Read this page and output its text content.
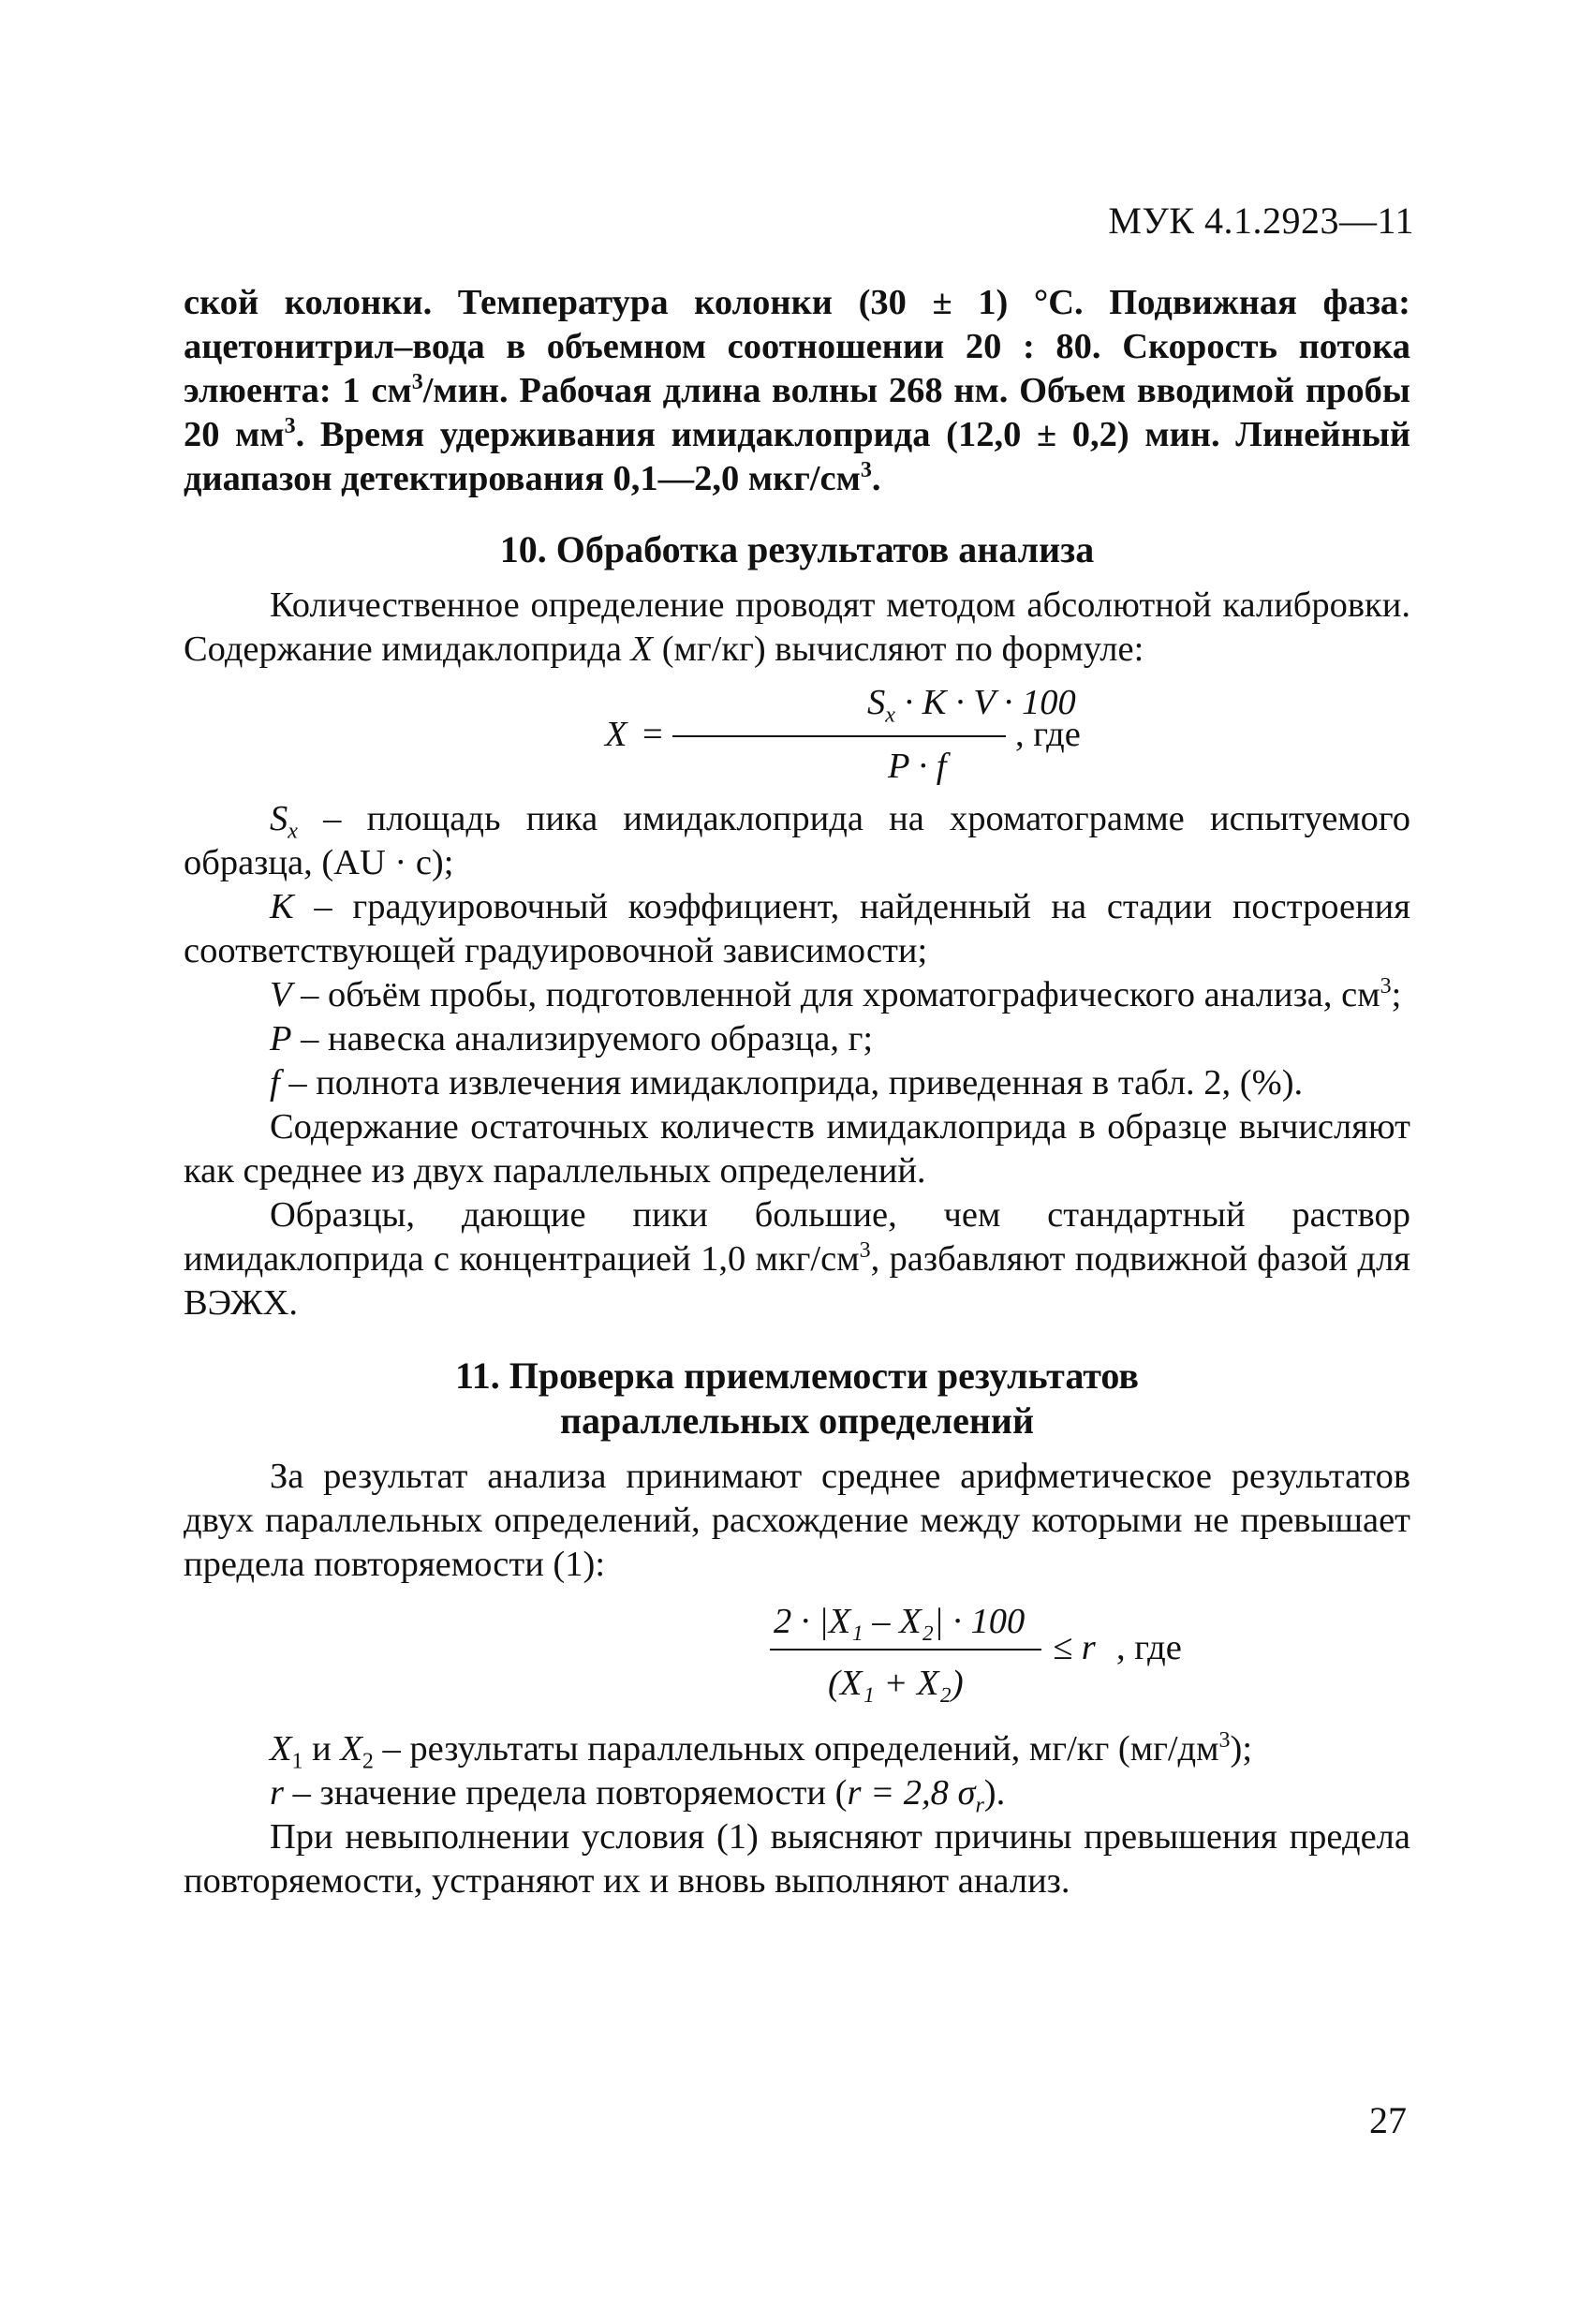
МУК 4.1.2923—11

ской колонки. Температура колонки (30 ± 1) °С. Подвижная фаза: ацетонитрил–вода в объемном соотношении 20 : 80. Скорость потока элюента: 1 $см^3$/мин. Рабочая длина волны 268 нм. Объем вводимой пробы 20 $мм^3$. Время удерживания имидаклоприда (12,0 ± 0,2) мин. Линейный диапазон детектирования 0,1—2,0 мкг/$см^3$.

10. Обработка результатов анализа

Количественное определение проводят методом абсолютной калибровки. Содержание имидаклоприда X (мг/кг) вычисляют по формуле:

X =
$S_x \cdot K \cdot V \cdot 100$
P · f
, где

$S_x$ – площадь пика имидаклоприда на хроматограмме испытуемого образца, (AU · с);

K – градуировочный коэффициент, найденный на стадии построения соответствующей градуировочной зависимости;

V – объём пробы, подготовленной для хроматографического анализа, $см^3$;

P – навеска анализируемого образца, г;

f – полнота извлечения имидаклоприда, приведенная в табл. 2, (%).

Содержание остаточных количеств имидаклоприда в образце вычисляют как среднее из двух параллельных определений.

Образцы, дающие пики большие, чем стандартный раствор имидаклоприда с концентрацией 1,0 мкг/$см^3$, разбавляют подвижной фазой для ВЭЖХ.

11. Проверка приемлемости результатов
параллельных определений

За результат анализа принимают среднее арифметическое результатов двух параллельных определений, расхождение между которыми не превышает предела повторяемости (1):

2 · |X₁ – X₂| · 100
(X₁ + X₂)
≤ r , где

$X_1$ и $X_2$ – результаты параллельных определений, мг/кг $(мг/дм^3)$;

r – значение предела повторяемости (r = 2,8 $\sigma_r$).

При невыполнении условия (1) выясняют причины превышения предела повторяемости, устраняют их и вновь выполняют анализ.

27
